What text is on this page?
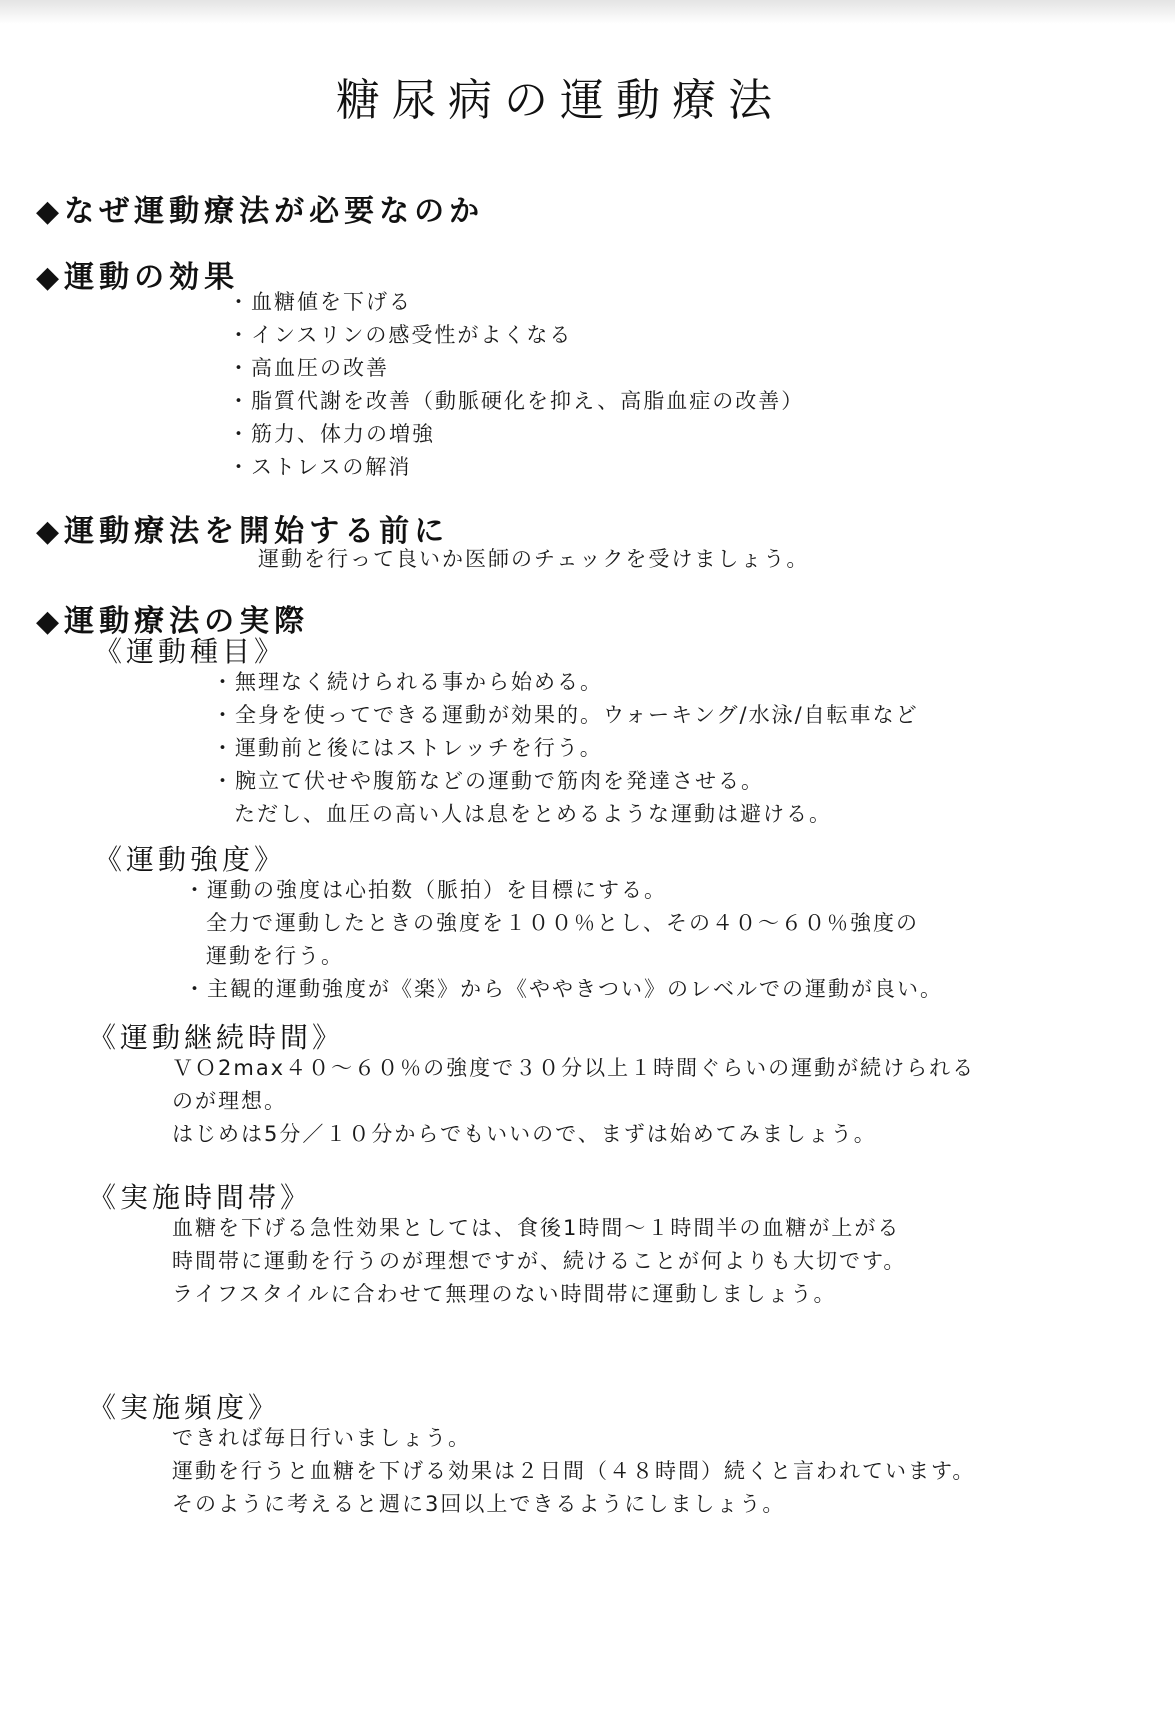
糖尿病の運動療法
◆なぜ運動療法が必要なのか
◆運動の効果
・血糖値を下げる
・インスリンの感受性がよくなる
・高血圧の改善
・脂質代謝を改善（動脈硬化を抑え、高脂血症の改善）
・筋力、体力の増強
・ストレスの解消
◆運動療法を開始する前に
運動を行って良いか医師のチェックを受けましょう。
◆運動療法の実際
《運動種目》
・無理なく続けられる事から始める。
・全身を使ってできる運動が効果的。ウォーキング/水泳/自転車など
・運動前と後にはストレッチを行う。
・腕立て伏せや腹筋などの運動で筋肉を発達させる。
ただし、血圧の高い人は息をとめるような運動は避ける。
《運動強度》
・運動の強度は心拍数（脈拍）を目標にする。
全力で運動したときの強度を１００％とし、その４０～６０％強度の
運動を行う。
・主観的運動強度が《楽》から《ややきつい》のレベルでの運動が良い。
《運動継続時間》
ＶＯ2max４０～６０％の強度で３０分以上１時間ぐらいの運動が続けられる
のが理想。
はじめは5分／１０分からでもいいので、まずは始めてみましょう。
《実施時間帯》
血糖を下げる急性効果としては、食後1時間～１時間半の血糖が上がる
時間帯に運動を行うのが理想ですが、続けることが何よりも大切です。
ライフスタイルに合わせて無理のない時間帯に運動しましょう。
《実施頻度》
できれば毎日行いましょう。
運動を行うと血糖を下げる効果は２日間（４８時間）続くと言われています。
そのように考えると週に3回以上できるようにしましょう。
